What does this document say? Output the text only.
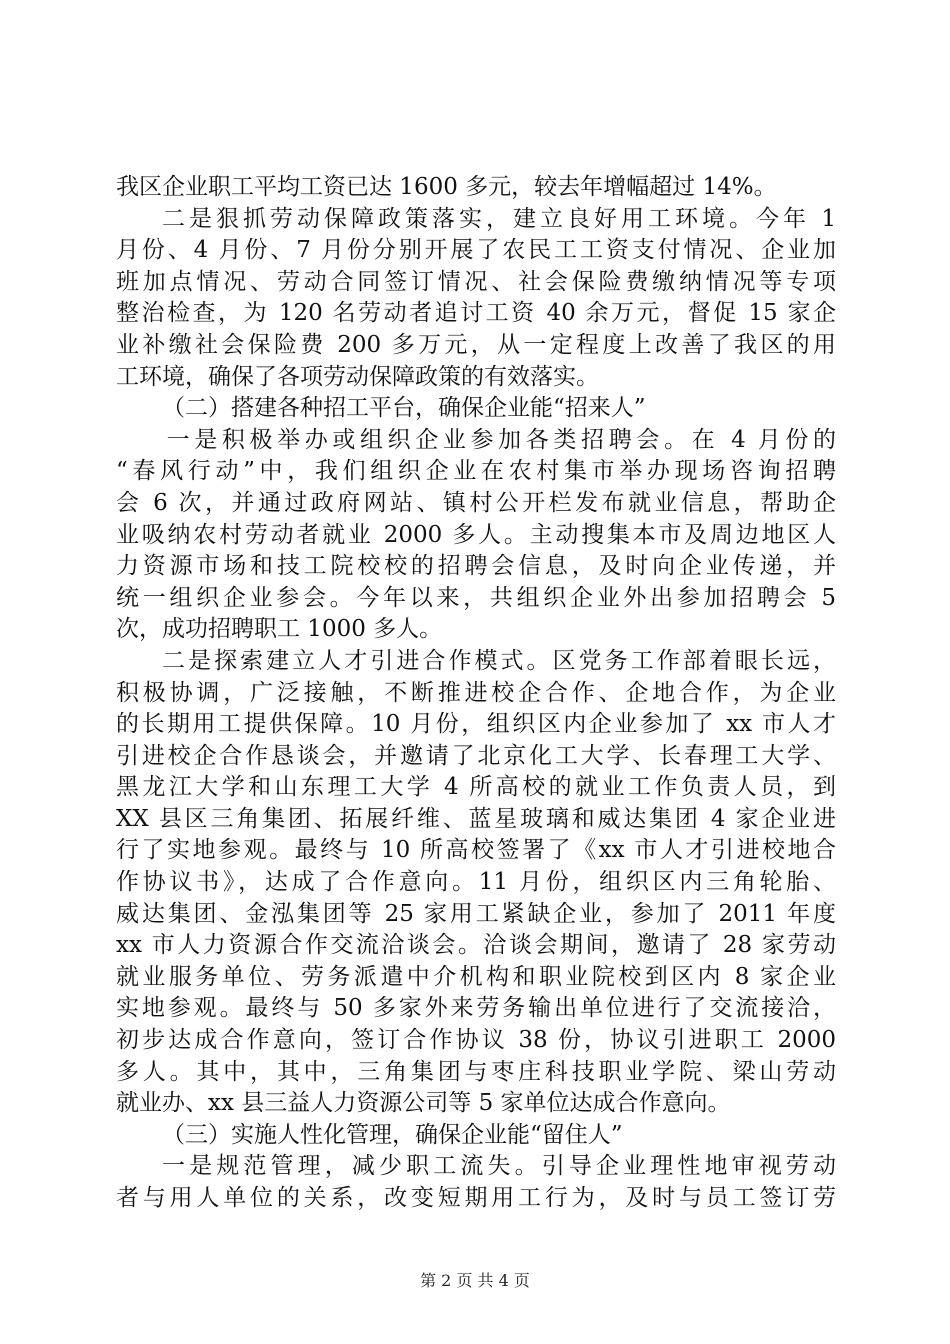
我区企业职工平均工资已达 1600 多元，较去年增幅超过 14%。
二是狠抓劳动保障政策落实，建立良好用工环境。今年 1
月份、4 月份、7 月份分别开展了农民工工资支付情况、企业加
班加点情况、劳动合同签订情况、社会保险费缴纳情况等专项
整治检查，为 120 名劳动者追讨工资 40 余万元，督促 15 家企
业补缴社会保险费 200 多万元，从一定程度上改善了我区的用
工环境，确保了各项劳动保障政策的有效落实。
（二）搭建各种招工平台，确保企业能“招来人”
一是积极举办或组织企业参加各类招聘会。在 4 月份的
“春风行动”中，我们组织企业在农村集市举办现场咨询招聘
会 6 次，并通过政府网站、镇村公开栏发布就业信息，帮助企
业吸纳农村劳动者就业 2000 多人。主动搜集本市及周边地区人
力资源市场和技工院校校的招聘会信息，及时向企业传递，并
统一组织企业参会。今年以来，共组织企业外出参加招聘会 5
次，成功招聘职工 1000 多人。
二是探索建立人才引进合作模式。区党务工作部着眼长远，
积极协调，广泛接触，不断推进校企合作、企地合作，为企业
的长期用工提供保障。10 月份，组织区内企业参加了 xx 市人才
引进校企合作恳谈会，并邀请了北京化工大学、长春理工大学、
黑龙江大学和山东理工大学 4 所高校的就业工作负责人员，到
XX 县区三角集团、拓展纤维、蓝星玻璃和威达集团 4 家企业进
行了实地参观。最终与 10 所高校签署了《xx 市人才引进校地合
作协议书》，达成了合作意向。11 月份，组织区内三角轮胎、
威达集团、金泓集团等 25 家用工紧缺企业，参加了 2011 年度
xx 市人力资源合作交流洽谈会。洽谈会期间，邀请了 28 家劳动
就业服务单位、劳务派遣中介机构和职业院校到区内 8 家企业
实地参观。最终与 50 多家外来劳务输出单位进行了交流接洽，
初步达成合作意向，签订合作协议 38 份，协议引进职工 2000
多人。其中，其中，三角集团与枣庄科技职业学院、梁山劳动
就业办、xx 县三益人力资源公司等 5 家单位达成合作意向。
（三）实施人性化管理，确保企业能“留住人”
一是规范管理，减少职工流失。引导企业理性地审视劳动
者与用人单位的关系，改变短期用工行为，及时与员工签订劳
第 2 页 共 4 页
